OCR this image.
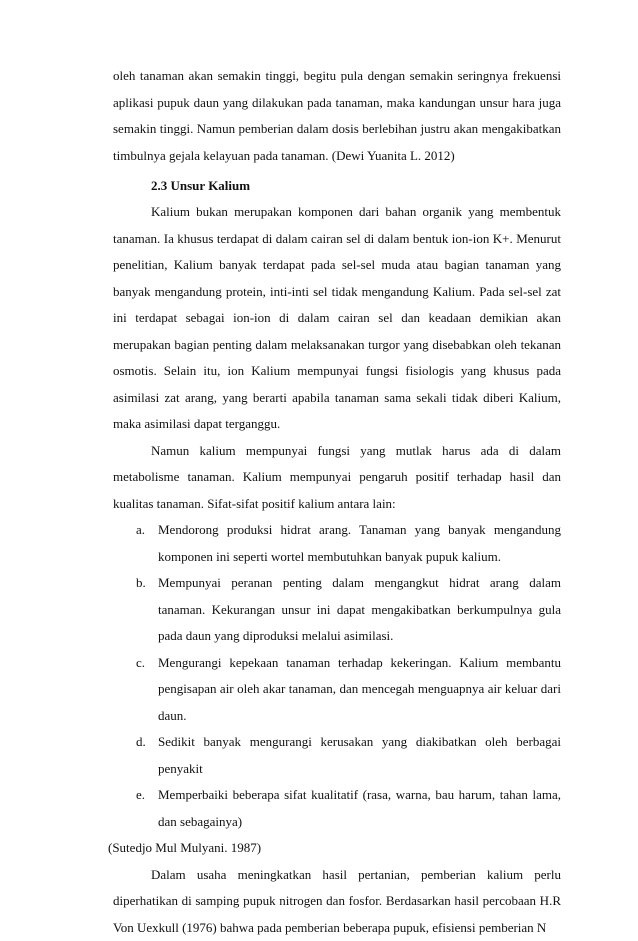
oleh tanaman akan semakin tinggi, begitu pula dengan semakin seringnya frekuensi aplikasi pupuk daun yang dilakukan pada tanaman, maka kandungan unsur hara juga semakin tinggi. Namun pemberian dalam dosis berlebihan justru akan mengakibatkan timbulnya gejala kelayuan pada tanaman. (Dewi Yuanita L. 2012)

2.3 Unsur Kalium

Kalium bukan merupakan komponen dari bahan organik yang membentuk tanaman. Ia khusus terdapat di dalam cairan sel di dalam bentuk ion-ion K+. Menurut penelitian, Kalium banyak terdapat pada sel-sel muda atau bagian tanaman yang banyak mengandung protein, inti-inti sel tidak mengandung Kalium. Pada sel-sel zat ini terdapat sebagai ion-ion di dalam cairan sel dan keadaan demikian akan merupakan bagian penting dalam melaksanakan turgor yang disebabkan oleh tekanan osmotis. Selain itu, ion Kalium mempunyai fungsi fisiologis yang khusus pada asimilasi zat arang, yang berarti apabila tanaman sama sekali tidak diberi Kalium, maka asimilasi dapat terganggu.

Namun kalium mempunyai fungsi yang mutlak harus ada di dalam metabolisme tanaman. Kalium mempunyai pengaruh positif terhadap hasil dan kualitas tanaman. Sifat-sifat positif kalium antara lain:

a. Mendorong produksi hidrat arang. Tanaman yang banyak mengandung komponen ini seperti wortel membutuhkan banyak pupuk kalium.
b. Mempunyai peranan penting dalam mengangkut hidrat arang dalam tanaman. Kekurangan unsur ini dapat mengakibatkan berkumpulnya gula pada daun yang diproduksi melalui asimilasi.
c. Mengurangi kepekaan tanaman terhadap kekeringan. Kalium membantu pengisapan air oleh akar tanaman, dan mencegah menguapnya air keluar dari daun.
d. Sedikit banyak mengurangi kerusakan yang diakibatkan oleh berbagai penyakit
e. Memperbaiki beberapa sifat kualitatif (rasa, warna, bau harum, tahan lama, dan sebagainya)

(Sutedjo Mul Mulyani. 1987)

Dalam usaha meningkatkan hasil pertanian, pemberian kalium perlu diperhatikan di samping pupuk nitrogen dan fosfor. Berdasarkan hasil percobaan H.R Von Uexkull (1976) bahwa pada pemberian beberapa pupuk, efisiensi pemberian N
